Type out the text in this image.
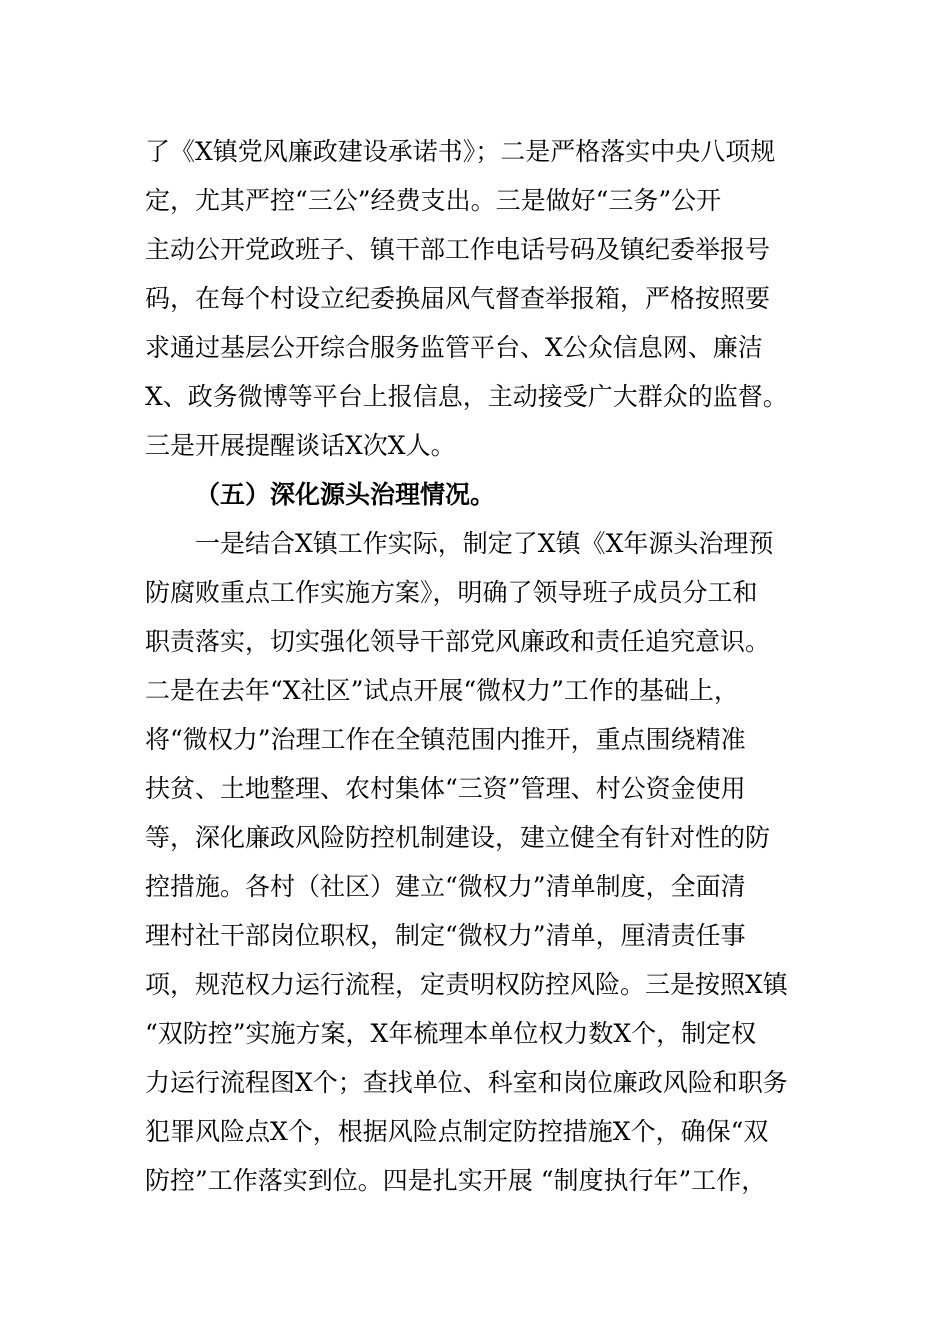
了《X镇党风廉政建设承诺书》；二是严格落实中央八项规
定，尤其严控“三公”经费支出。三是做好“三务”公开
主动公开党政班子、镇干部工作电话号码及镇纪委举报号
码，在每个村设立纪委换届风气督查举报箱，严格按照要
求通过基层公开综合服务监管平台、X公众信息网、廉洁
X、政务微博等平台上报信息，主动接受广大群众的监督。
三是开展提醒谈话X次X人。
（五）深化源头治理情况。
一是结合X镇工作实际，制定了X镇《X年源头治理预
防腐败重点工作实施方案》，明确了领导班子成员分工和
职责落实，切实强化领导干部党风廉政和责任追究意识。
二是在去年“X社区”试点开展“微权力”工作的基础上，
将“微权力”治理工作在全镇范围内推开，重点围绕精准
扶贫、土地整理、农村集体“三资”管理、村公资金使用
等，深化廉政风险防控机制建设，建立健全有针对性的防
控措施。各村（社区）建立“微权力”清单制度，全面清
理村社干部岗位职权，制定“微权力”清单，厘清责任事
项，规范权力运行流程，定责明权防控风险。三是按照X镇
“双防控”实施方案，X年梳理本单位权力数X个，制定权
力运行流程图X个；查找单位、科室和岗位廉政风险和职务
犯罪风险点X个，根据风险点制定防控措施X个，确保“双
防控”工作落实到位。四是扎实开展 “制度执行年”工作，
